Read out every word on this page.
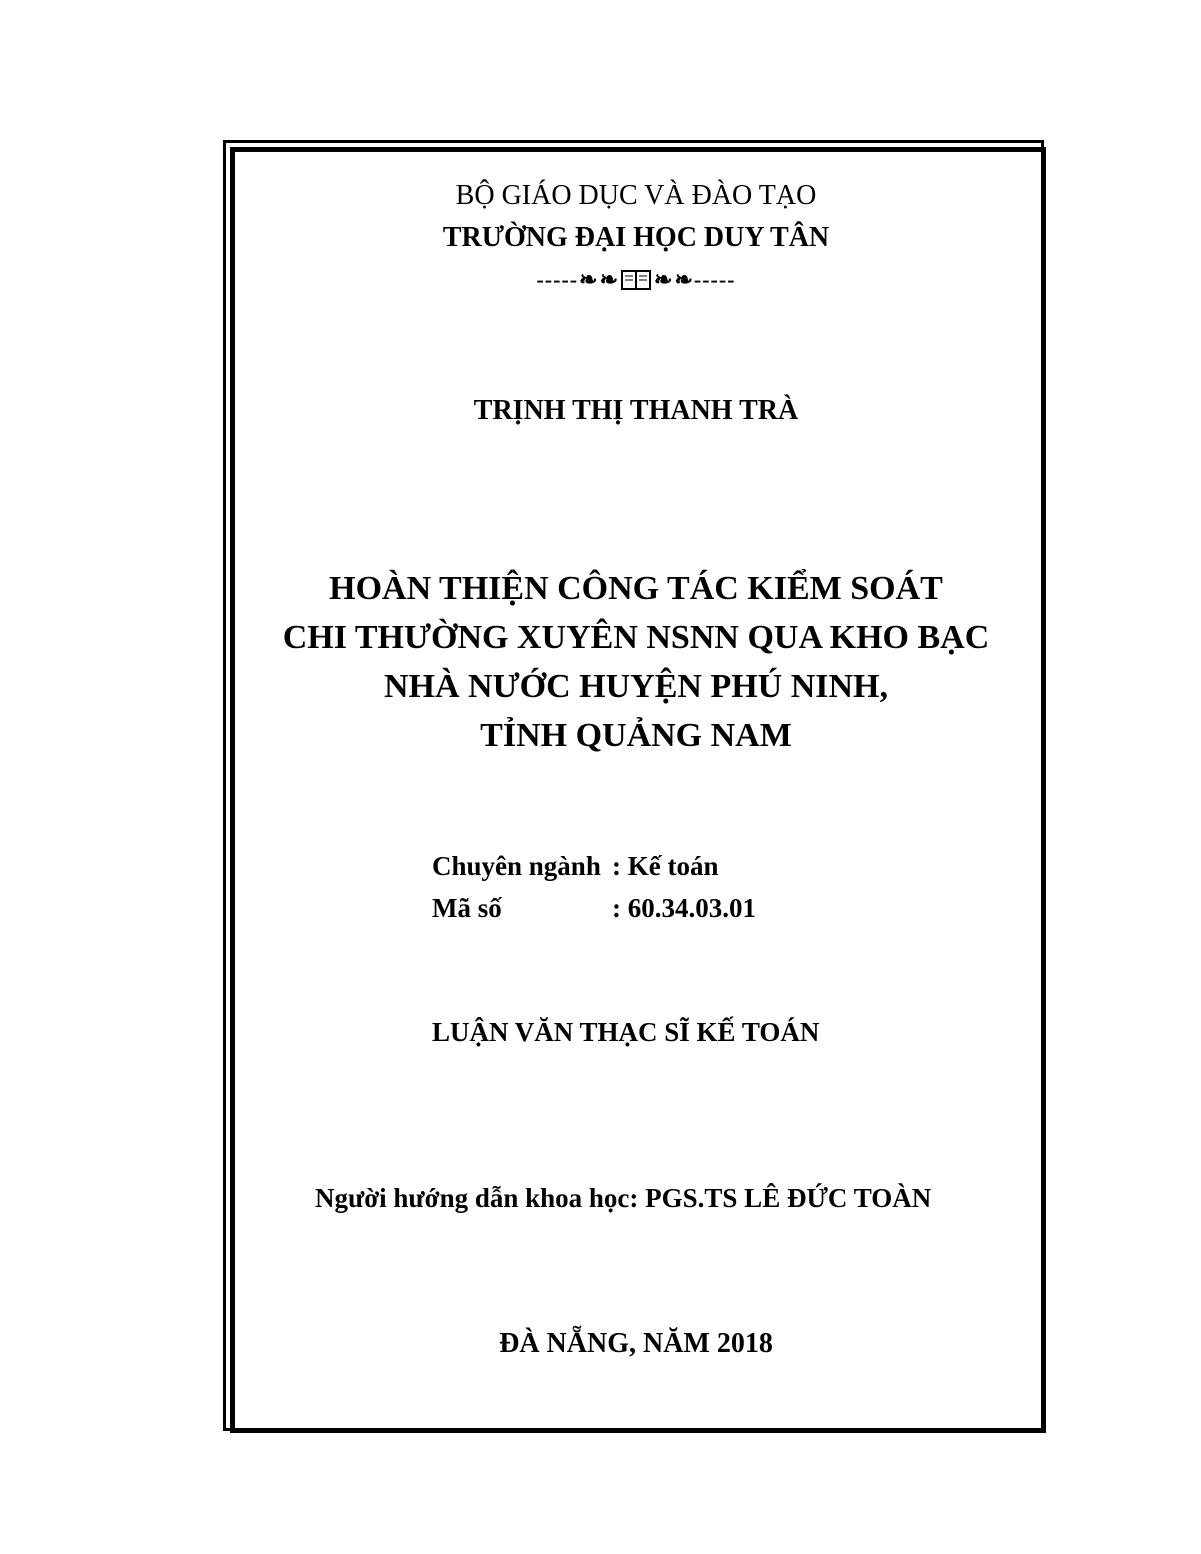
BỘ GIÁO DỤC VÀ ĐÀO TẠO
TRƯỜNG ĐẠI HỌC DUY TÂN
----- ❧ ❧ ❧ ❧ -----
TRỊNH THỊ THANH TRÀ
HOÀN THIỆN CÔNG TÁC KIỂM SOÁT
CHI THƯỜNG XUYÊN NSNN QUA KHO BẠC
NHÀ NƯỚC HUYỆN PHÚ NINH,
TỈNH QUẢNG NAM
Chuyên ngành : Kế toán
Mã số	: 60.34.03.01
LUẬN VĂN THẠC SĨ KẾ TOÁN
Người hướng dẫn khoa học: PGS.TS LÊ ĐỨC TOÀN
ĐÀ NẴNG, NĂM 2018
